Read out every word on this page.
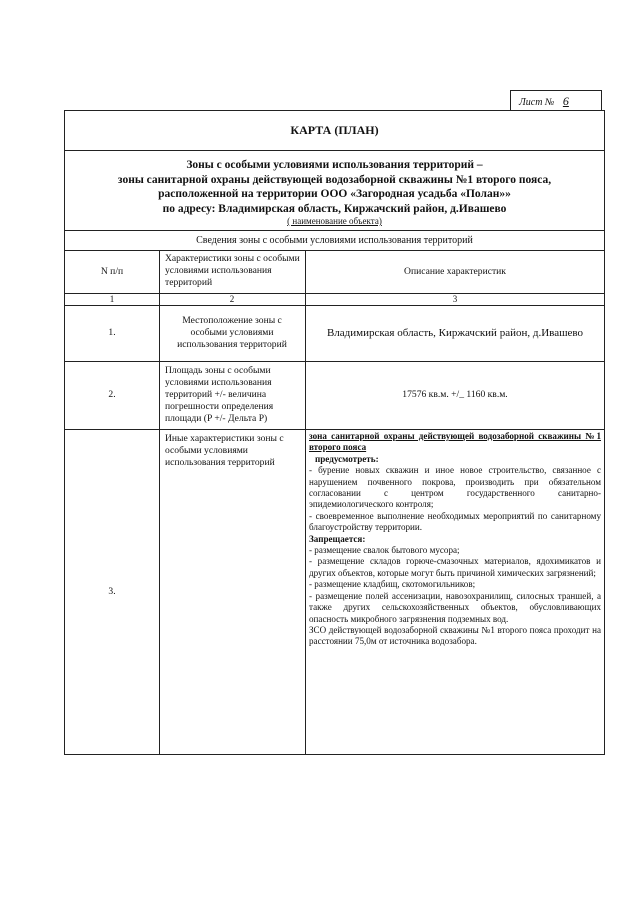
Лист № 6
КАРТА (ПЛАН)
Зоны с особыми условиями использования территорий –
зоны санитарной охраны действующей водозаборной скважины №1 второго пояса,
расположенной на территории ООО «Загородная усадьба «Полан»»
по адресу: Владимирская область, Киржачский район, д.Ивашево
( наименование объекта)
Сведения зоны с особыми условиями использования территорий
N п/п
Характеристики зоны с особыми условиями использования территорий
Описание характеристик
1	2	3
1.
Местоположение зоны с особыми условиями использования территорий
Владимирская область, Киржачский район, д.Ивашево
2.
Площадь зоны с особыми условиями использования территорий +/- величина погрешности определения площади (P +/- Дельта P)
17576 кв.м. +/_ 1160 кв.м.
3.
Иные характеристики зоны с особыми условиями использования территорий
зона санитарной охраны действующей водозаборной скважины №1 второго пояса
предусмотреть:
- бурение новых скважин и иное новое строительство, связанное с нарушением почвенного покрова, производить при обязательном согласовании с центром государственного санитарно-эпидемиологического контроля;
- своевременное выполнение необходимых мероприятий по санитарному благоустройству территории.
Запрещается:
- размещение свалок бытового мусора;
- размещение складов горюче-смазочных материалов, ядохимикатов и других объектов, которые могут быть причиной химических загрязнений;
- размещение кладбищ, скотомогильников;
- размещение полей ассенизации, навозохранилищ, силосных траншей, а также других сельскохозяйственных объектов, обусловливающих опасность микробного загрязнения подземных вод.
ЗСО действующей водозаборной скважины №1 второго пояса проходит на расстоянии 75,0м от источника водозабора.
